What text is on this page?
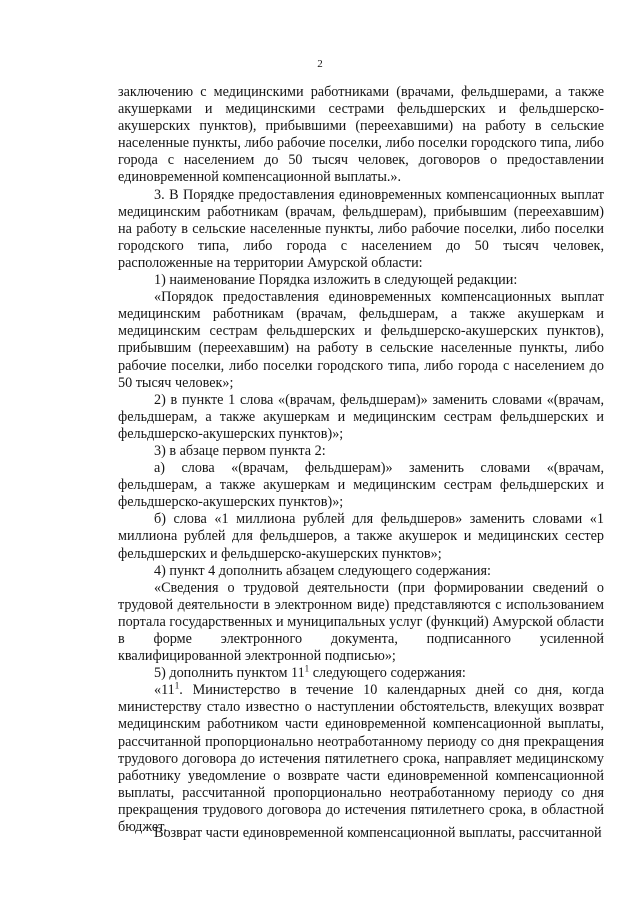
2

заключению с медицинскими работниками (врачами, фельдшерами, а также акушерками и медицинскими сестрами фельдшерских и фельдшерско-акушерских пунктов), прибывшими (переехавшими) на работу в сельские населенные пункты, либо рабочие поселки, либо поселки городского типа, либо города с населением до 50 тысяч человек, договоров о предоставлении единовременной компенсационной выплаты.».

3. В Порядке предоставления единовременных компенсационных выплат медицинским работникам (врачам, фельдшерам), прибывшим (переехавшим) на работу в сельские населенные пункты, либо рабочие поселки, либо поселки городского типа, либо города с населением до 50 тысяч человек, расположенные на территории Амурской области:

1) наименование Порядка изложить в следующей редакции:

«Порядок предоставления единовременных компенсационных выплат медицинским работникам (врачам, фельдшерам, а также акушеркам и медицинским сестрам фельдшерских и фельдшерско-акушерских пунктов), прибывшим (переехавшим) на работу в сельские населенные пункты, либо рабочие поселки, либо поселки городского типа, либо города с населением до 50 тысяч человек»;

2) в пункте 1 слова «(врачам, фельдшерам)» заменить словами «(врачам, фельдшерам, а также акушеркам и медицинским сестрам фельдшерских и фельдшерско-акушерских пунктов)»;

3) в абзаце первом пункта 2:

а) слова «(врачам, фельдшерам)» заменить словами «(врачам, фельдшерам, а также акушеркам и медицинским сестрам фельдшерских и фельдшерско-акушерских пунктов)»;

б) слова «1 миллиона рублей для фельдшеров» заменить словами «1 миллиона рублей для фельдшеров, а также акушерок и медицинских сестер фельдшерских и фельдшерско-акушерских пунктов»;

4) пункт 4 дополнить абзацем следующего содержания:

«Сведения о трудовой деятельности (при формировании сведений о трудовой деятельности в электронном виде) представляются с использованием портала государственных и муниципальных услуг (функций) Амурской области в форме электронного документа, подписанного усиленной квалифицированной электронной подписью»;

5) дополнить пунктом $11^1$ следующего содержания:

«$11^1$. Министерство в течение 10 календарных дней со дня, когда министерству стало известно о наступлении обстоятельств, влекущих возврат медицинским работником части единовременной компенсационной выплаты, рассчитанной пропорционально неотработанному периоду со дня прекращения трудового договора до истечения пятилетнего срока, направляет медицинскому работнику уведомление о возврате части единовременной компенсационной выплаты, рассчитанной пропорционально неотработанному периоду со дня прекращения трудового договора до истечения пятилетнего срока, в областной бюджет.

Возврат части единовременной компенсационной выплаты, рассчитанной
